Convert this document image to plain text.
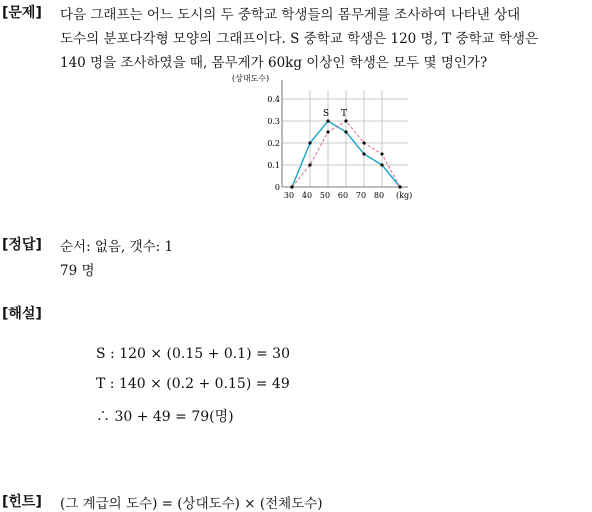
[문제] 다음 그래프는 어느 도시의 두 중학교 학생들의 몸무게를 조사하여 나타낸 상대
도수의 분포다각형 모양의 그래프이다. S 중학교 학생은 120 명, T 중학교 학생은
140 명을 조사하였을 때, 몸무게가 60kg 이상인 학생은 모두 몇 명인가?
0
0.1
0.2
0.3
0.4
30 40 50 60 70 80
(상대도수)
(kg)
S T
[정답] 순서: 없음, 갯수: 1
79 명
[해설]
S : 120 × (0.15 + 0.1) = 30
T : 140 × (0.2 + 0.15) = 49
∴ 30 + 49 = 79(명)
[힌트] (그 계급의 도수) = (상대도수) × (전체도수)
